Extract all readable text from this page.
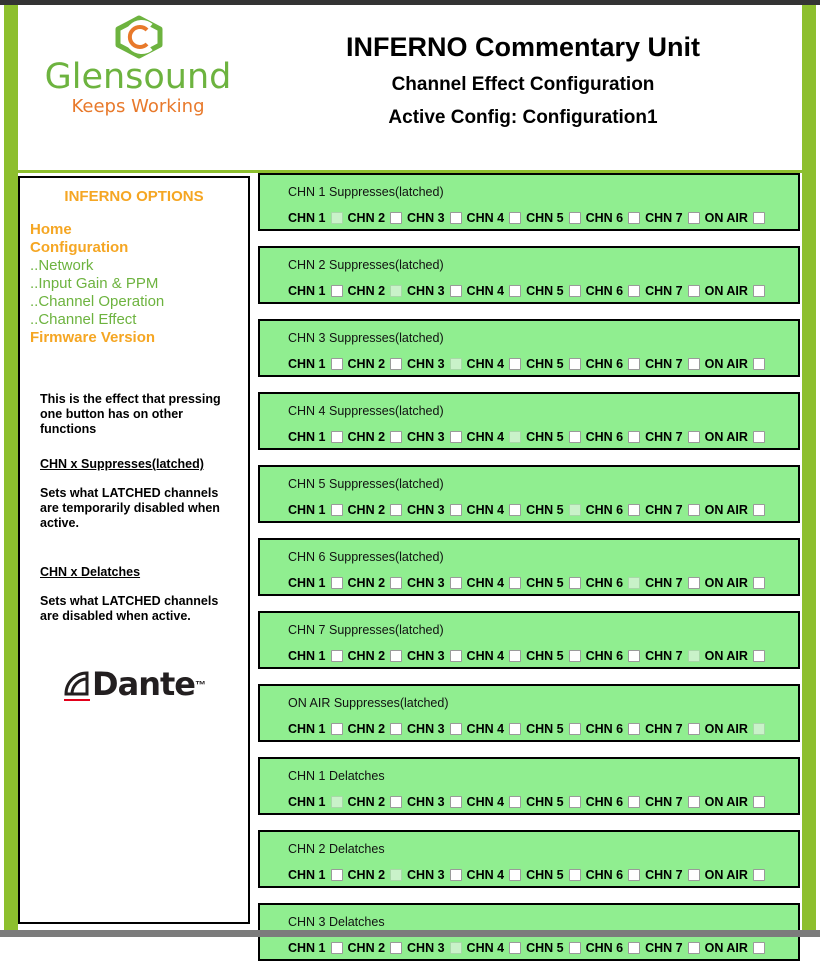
Glensound
Keeps Working
INFERNO Commentary Unit
Channel Effect Configuration
Active Config: Configuration1
INFERNO OPTIONS
Home
Configuration
..Network
..Input Gain & PPM
..Channel Operation
..Channel Effect
Firmware Version

This is the effect that pressing one button has on other functions

CHN x Suppresses(latched)

Sets what LATCHED channels are temporarily disabled when active.

CHN x Delatches

Sets what LATCHED channels are disabled when active.

Dante™
CHN 1 Suppresses(latched)
CHN 1 CHN 2 CHN 3 CHN 4 CHN 5 CHN 6 CHN 7 ON AIR
CHN 2 Suppresses(latched)
CHN 1 CHN 2 CHN 3 CHN 4 CHN 5 CHN 6 CHN 7 ON AIR
CHN 3 Suppresses(latched)
CHN 1 CHN 2 CHN 3 CHN 4 CHN 5 CHN 6 CHN 7 ON AIR
CHN 4 Suppresses(latched)
CHN 1 CHN 2 CHN 3 CHN 4 CHN 5 CHN 6 CHN 7 ON AIR
CHN 5 Suppresses(latched)
CHN 1 CHN 2 CHN 3 CHN 4 CHN 5 CHN 6 CHN 7 ON AIR
CHN 6 Suppresses(latched)
CHN 1 CHN 2 CHN 3 CHN 4 CHN 5 CHN 6 CHN 7 ON AIR
CHN 7 Suppresses(latched)
CHN 1 CHN 2 CHN 3 CHN 4 CHN 5 CHN 6 CHN 7 ON AIR
ON AIR Suppresses(latched)
CHN 1 CHN 2 CHN 3 CHN 4 CHN 5 CHN 6 CHN 7 ON AIR
CHN 1 Delatches
CHN 1 CHN 2 CHN 3 CHN 4 CHN 5 CHN 6 CHN 7 ON AIR
CHN 2 Delatches
CHN 1 CHN 2 CHN 3 CHN 4 CHN 5 CHN 6 CHN 7 ON AIR
CHN 3 Delatches
CHN 1 CHN 2 CHN 3 CHN 4 CHN 5 CHN 6 CHN 7 ON AIR
